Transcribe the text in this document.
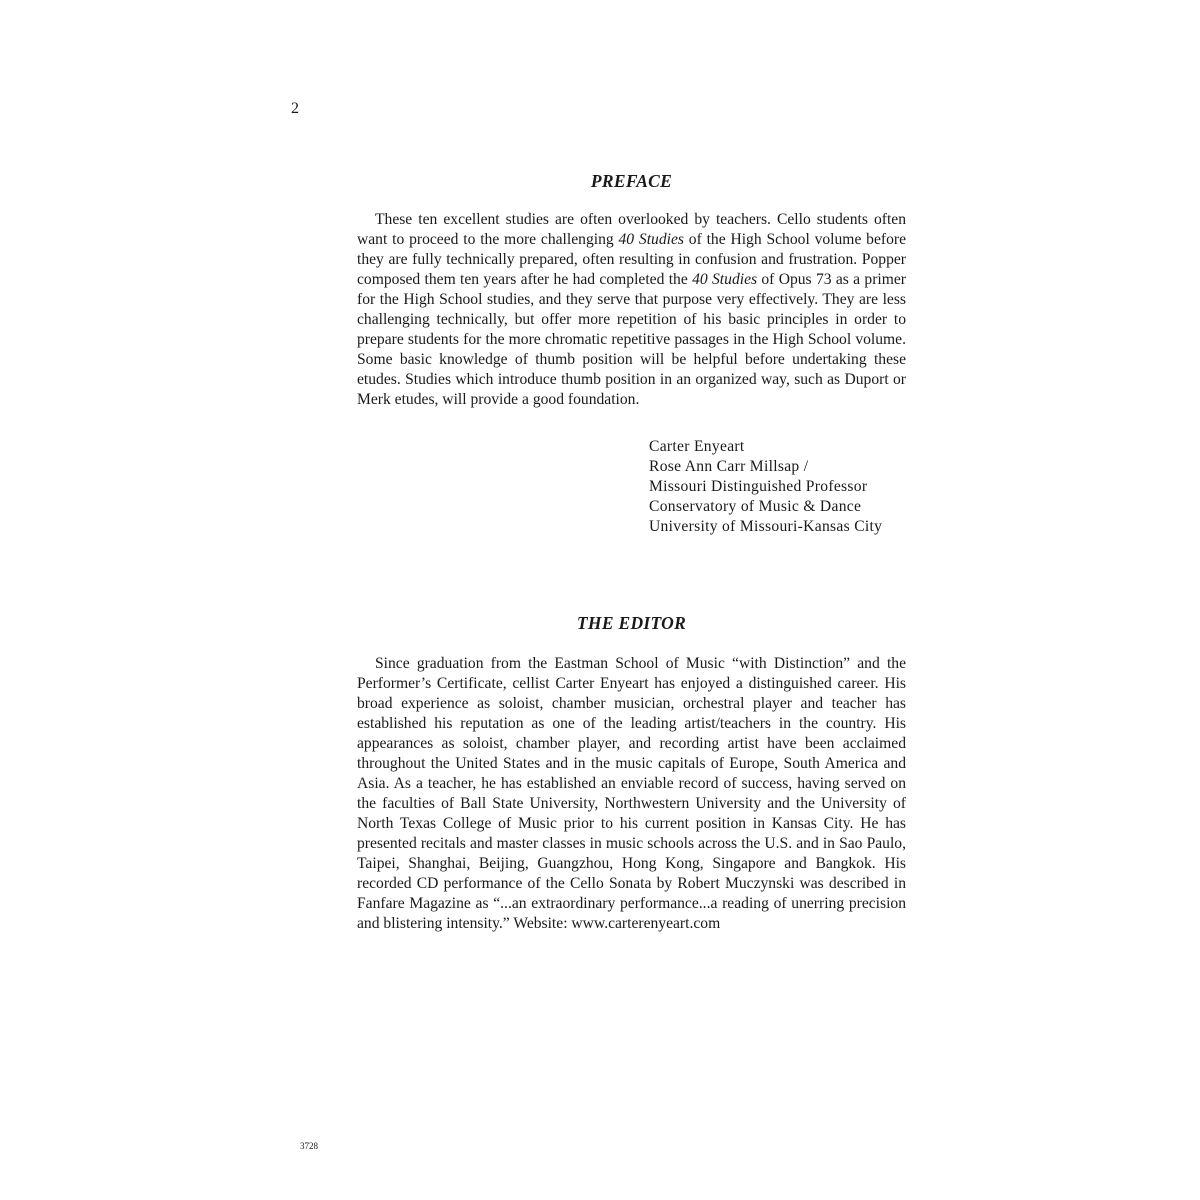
2
PREFACE

These ten excellent studies are often overlooked by teachers. Cello students often want to proceed to the more challenging 40 Studies of the High School volume before they are fully technically prepared, often resulting in confusion and frustration. Popper composed them ten years after he had completed the 40 Studies of Opus 73 as a primer for the High School studies, and they serve that purpose very effectively. They are less challenging technically, but offer more repetition of his basic principles in order to prepare students for the more chromatic repetitive passages in the High School volume. Some basic knowledge of thumb position will be helpful before undertaking these etudes. Studies which introduce thumb position in an organized way, such as Duport or Merk etudes, will provide a good foundation.

Carter Enyeart
Rose Ann Carr Millsap /
Missouri Distinguished Professor
Conservatory of Music & Dance
University of Missouri-Kansas City
THE EDITOR

Since graduation from the Eastman School of Music “with Distinction” and the Performer’s Certificate, cellist Carter Enyeart has enjoyed a distinguished career. His broad experience as soloist, chamber musician, orchestral player and teacher has established his reputation as one of the leading artist/teachers in the country. His appearances as soloist, chamber player, and recording artist have been acclaimed throughout the United States and in the music capitals of Europe, South America and Asia. As a teacher, he has established an enviable record of success, having served on the faculties of Ball State University, Northwestern University and the University of North Texas College of Music prior to his current position in Kansas City. He has presented recitals and master classes in music schools across the U.S. and in Sao Paulo, Taipei, Shanghai, Beijing, Guangzhou, Hong Kong, Singapore and Bangkok. His recorded CD performance of the Cello Sonata by Robert Muczynski was described in Fanfare Magazine as “...an extraordinary performance...a reading of unerring precision and blistering intensity.” Website: www.carterenyeart.com

3728
